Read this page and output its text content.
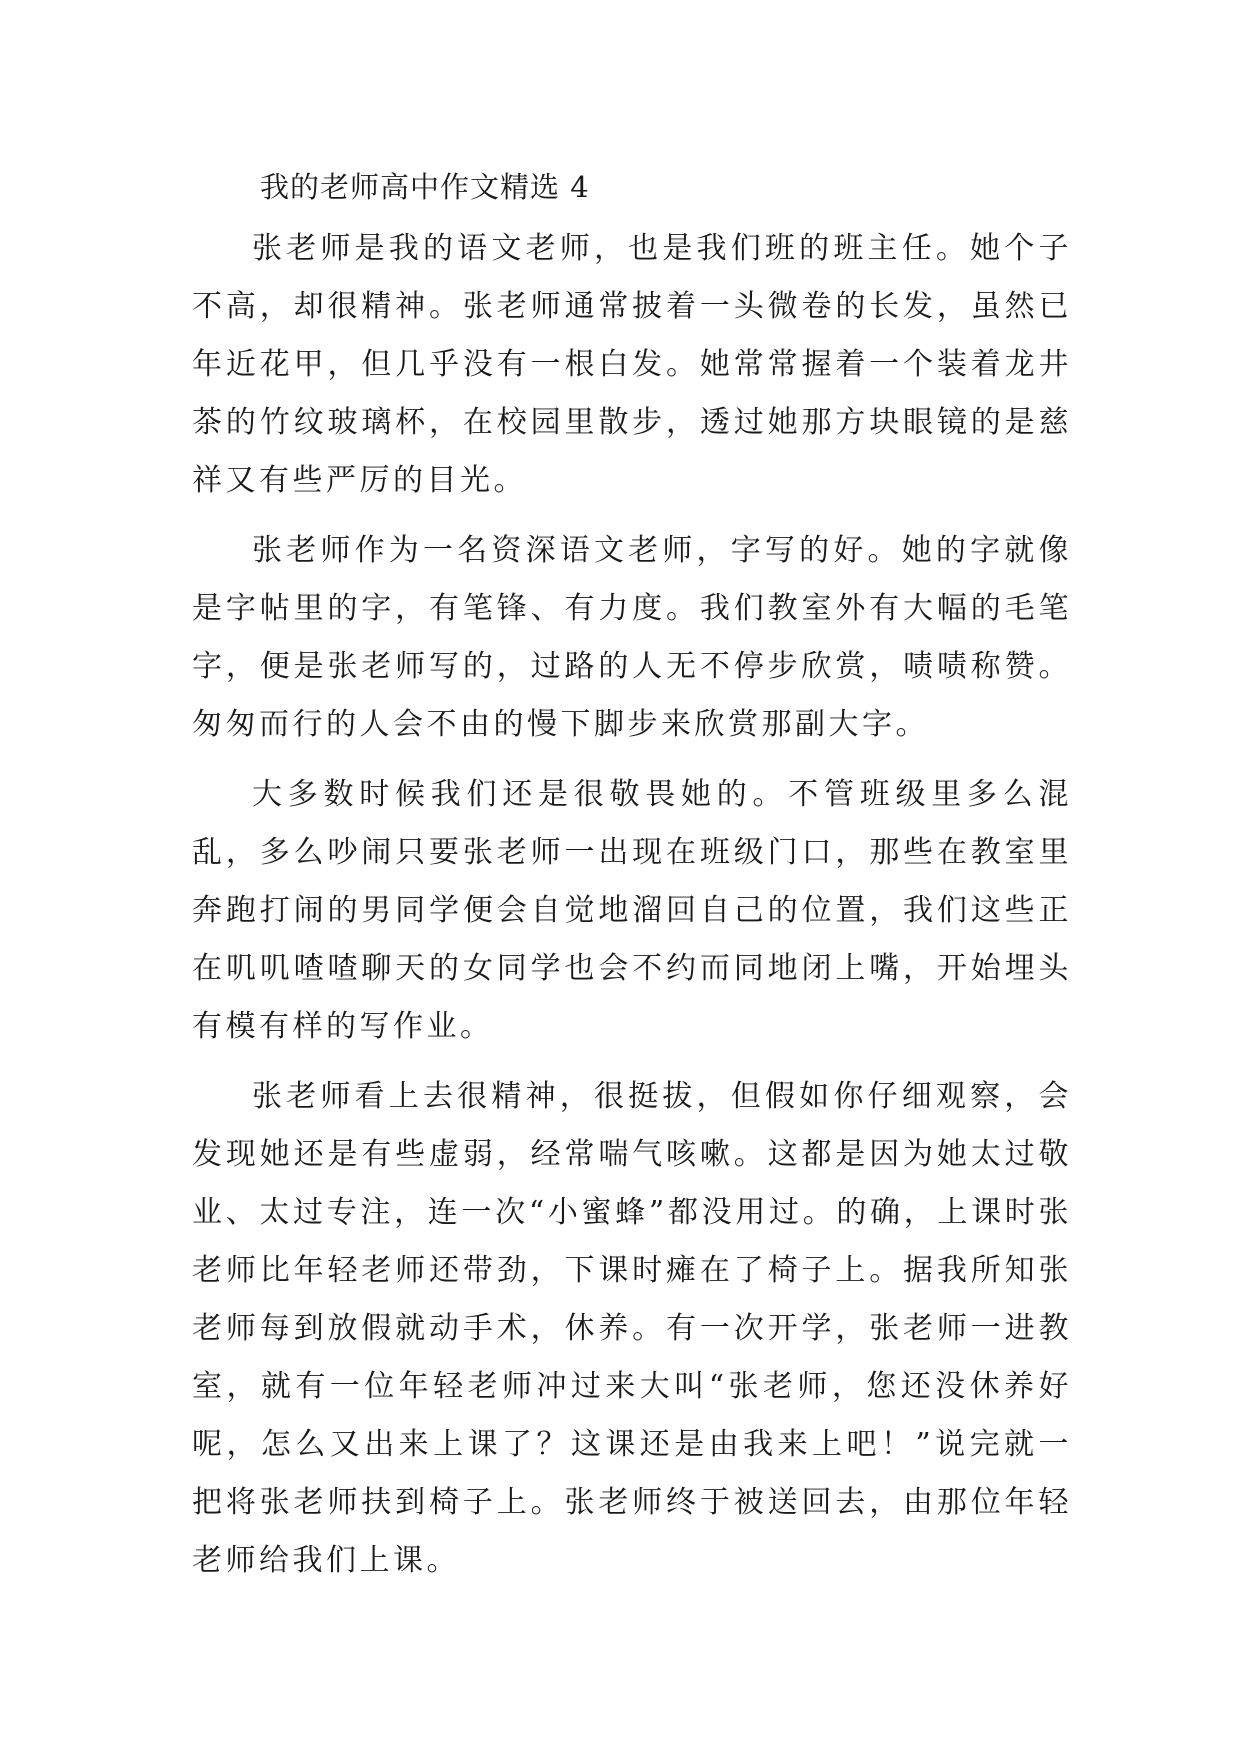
我的老师高中作文精选 4

张老师是我的语文老师，也是我们班的班主任。她个子不高，却很精神。张老师通常披着一头微卷的长发，虽然已年近花甲，但几乎没有一根白发。她常常握着一个装着龙井茶的竹纹玻璃杯，在校园里散步，透过她那方块眼镜的是慈祥又有些严厉的目光。

张老师作为一名资深语文老师，字写的好。她的字就像是字帖里的字，有笔锋、有力度。我们教室外有大幅的毛笔字，便是张老师写的，过路的人无不停步欣赏，啧啧称赞。匆匆而行的人会不由的慢下脚步来欣赏那副大字。

大多数时候我们还是很敬畏她的。不管班级里多么混乱，多么吵闹只要张老师一出现在班级门口，那些在教室里奔跑打闹的男同学便会自觉地溜回自己的位置，我们这些正在叽叽喳喳聊天的女同学也会不约而同地闭上嘴，开始埋头有模有样的写作业。

张老师看上去很精神，很挺拔，但假如你仔细观察，会发现她还是有些虚弱，经常喘气咳嗽。这都是因为她太过敬业、太过专注，连一次“小蜜蜂”都没用过。的确，上课时张老师比年轻老师还带劲，下课时瘫在了椅子上。据我所知张老师每到放假就动手术，休养。有一次开学，张老师一进教室，就有一位年轻老师冲过来大叫“张老师，您还没休养好呢，怎么又出来上课了？这课还是由我来上吧！”说完就一把将张老师扶到椅子上。张老师终于被送回去，由那位年轻老师给我们上课。
